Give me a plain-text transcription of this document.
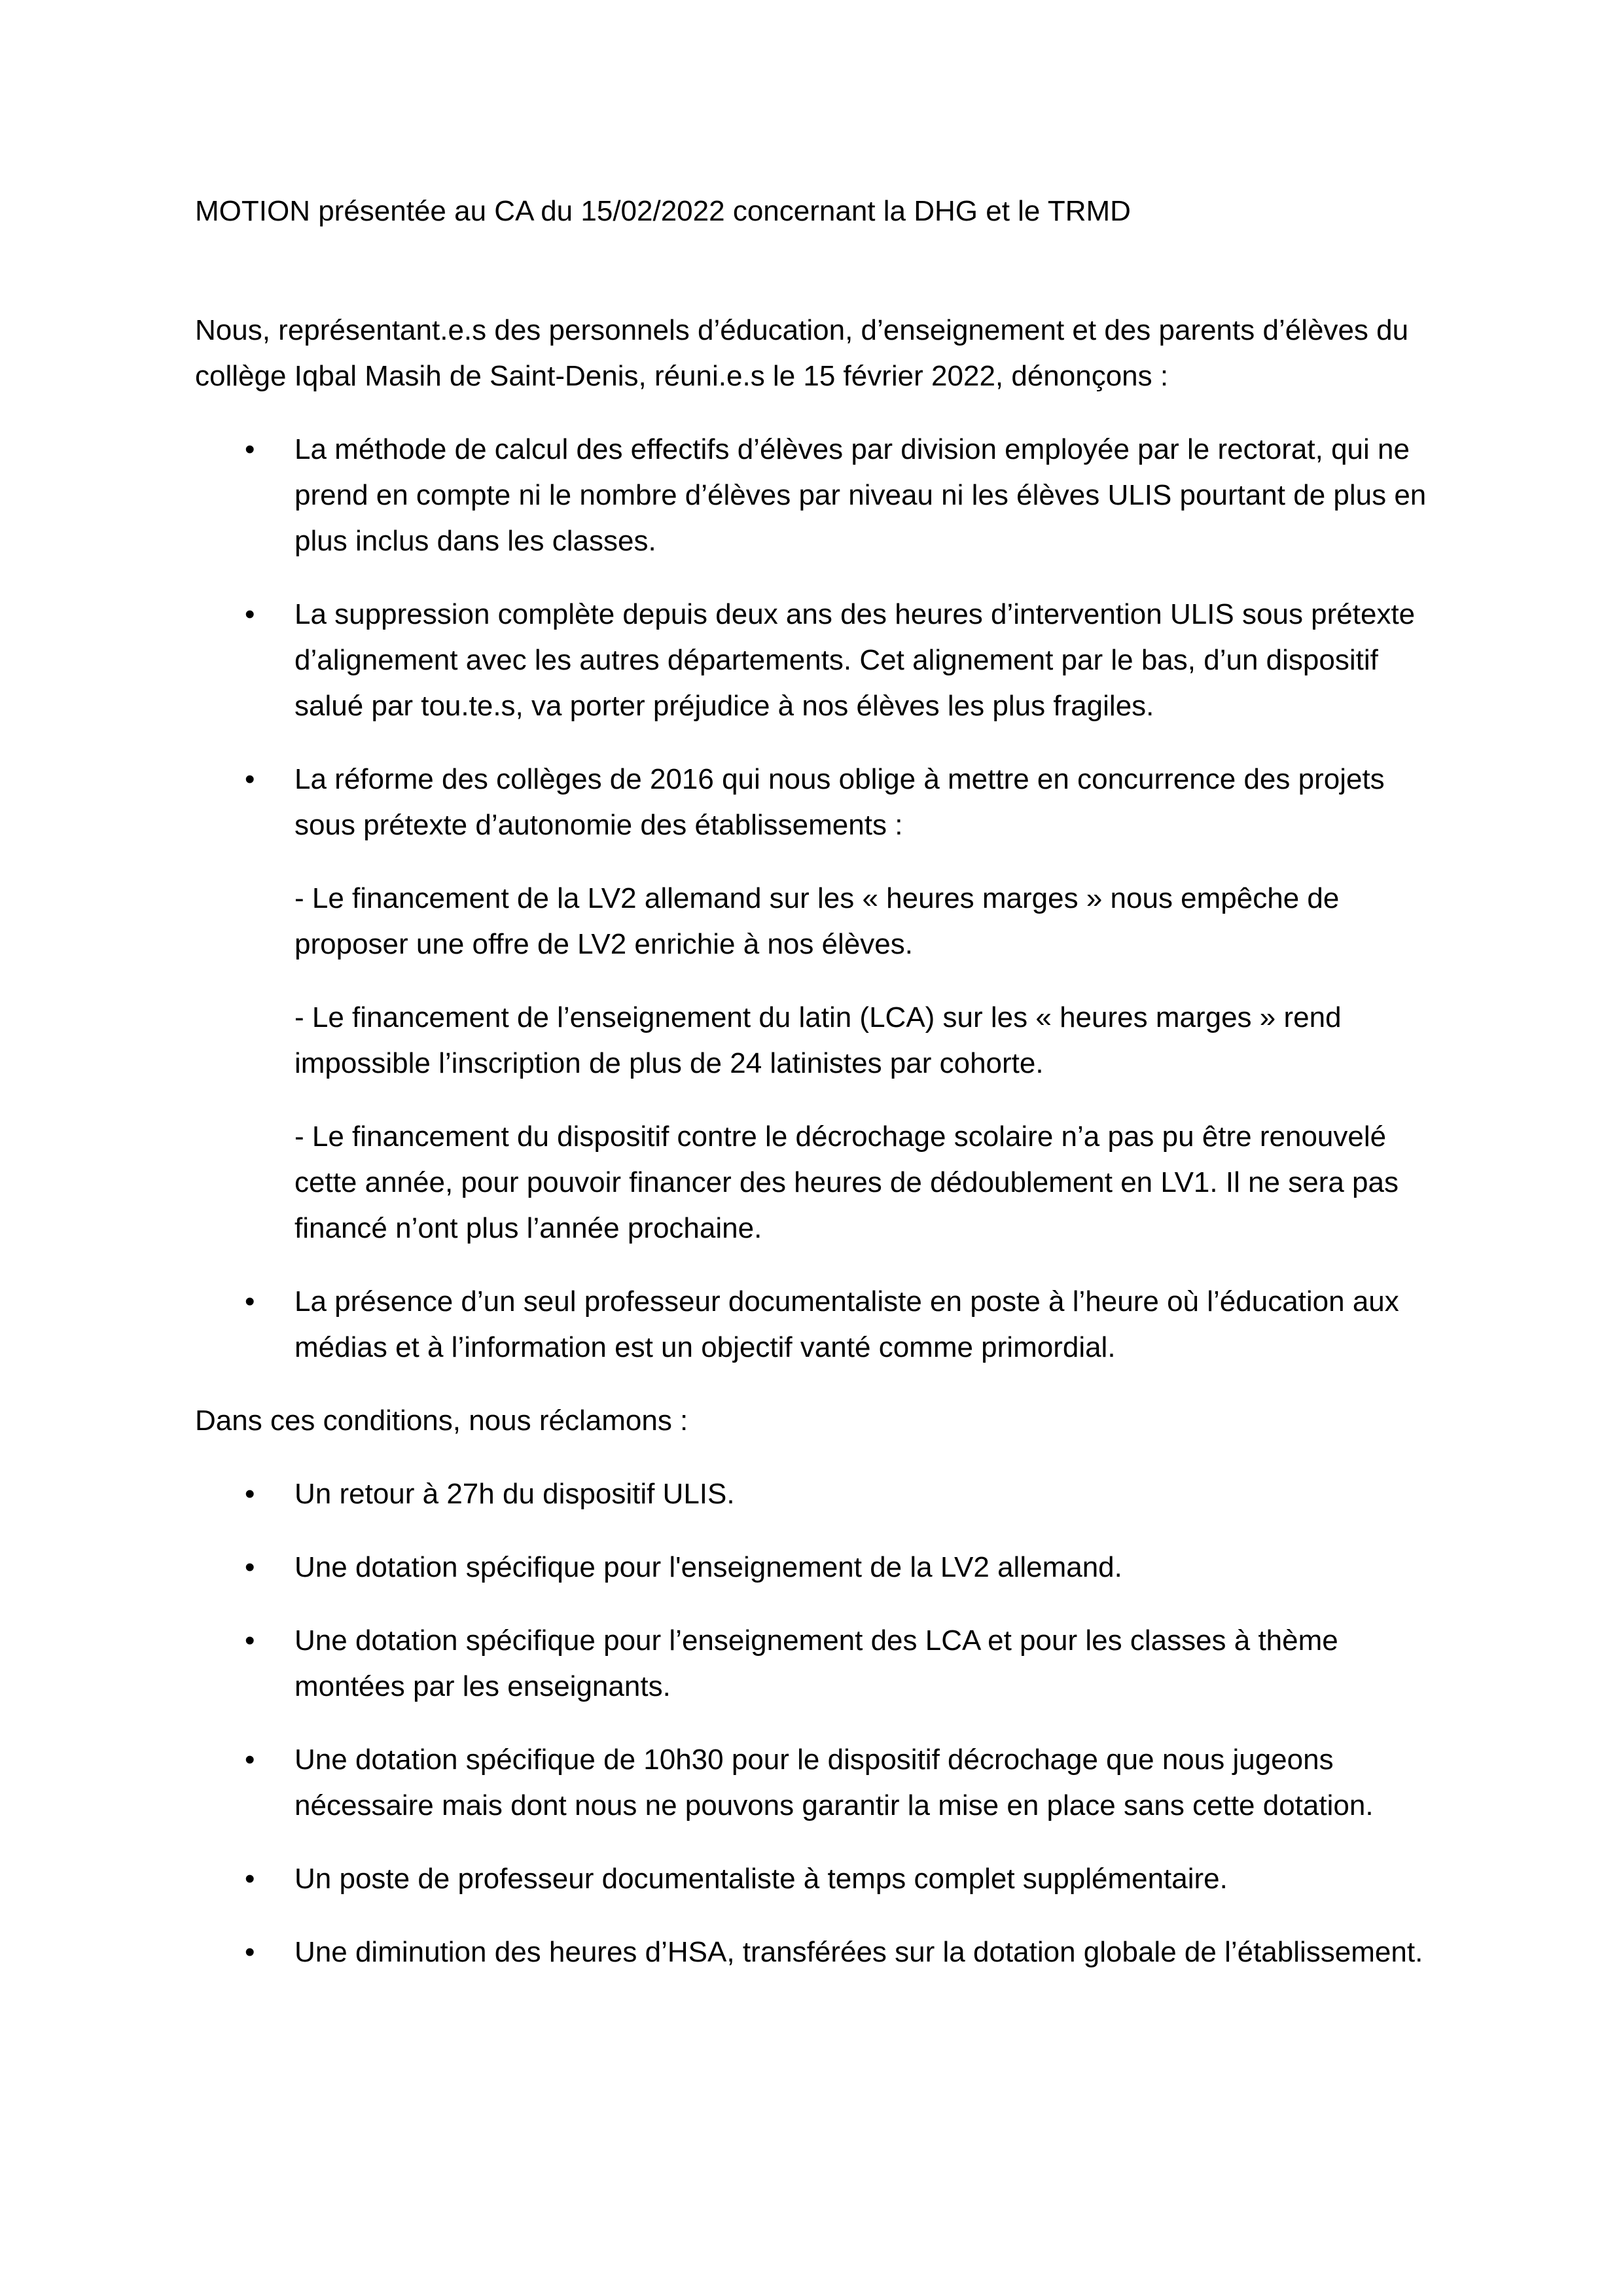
MOTION présentée au CA du 15/02/2022 concernant la DHG et le TRMD

Nous, représentant.e.s des personnels d’éducation, d’enseignement et des parents d’élèves du collège Iqbal Masih de Saint-Denis, réuni.e.s le 15 février 2022, dénonçons :

•	La méthode de calcul des effectifs d’élèves par division employée par le rectorat, qui ne prend en compte ni le nombre d’élèves par niveau ni les élèves ULIS pourtant de plus en plus inclus dans les classes.
•	La suppression complète depuis deux ans des heures d’intervention ULIS sous prétexte d’alignement avec les autres départements. Cet alignement par le bas, d’un dispositif salué par tou.te.s, va porter préjudice à nos élèves les plus fragiles.
•	La réforme des collèges de 2016 qui nous oblige à mettre en concurrence des projets sous prétexte d’autonomie des établissements :

- Le financement de la LV2 allemand sur les « heures marges » nous empêche de proposer une offre de LV2 enrichie à nos élèves.

- Le financement de l’enseignement du latin (LCA) sur les « heures marges » rend impossible l’inscription de plus de 24 latinistes par cohorte.

- Le financement du dispositif contre le décrochage scolaire n’a pas pu être renouvelé cette année, pour pouvoir financer des heures de dédoublement en LV1. Il ne sera pas financé n’ont plus l’année prochaine.

•	La présence d’un seul professeur documentaliste en poste à l’heure où l’éducation aux médias et à l’information est un objectif vanté comme primordial.

Dans ces conditions, nous réclamons :

•	Un retour à 27h du dispositif ULIS.
•	Une dotation spécifique pour l'enseignement de la LV2 allemand.
•	Une dotation spécifique pour l’enseignement des LCA et pour les classes à thème montées par les enseignants.
•	Une dotation spécifique de 10h30 pour le dispositif décrochage que nous jugeons nécessaire mais dont nous ne pouvons garantir la mise en place sans cette dotation.
•	Un poste de professeur documentaliste à temps complet supplémentaire.
•	Une diminution des heures d’HSA, transférées sur la dotation globale de l’établissement.
